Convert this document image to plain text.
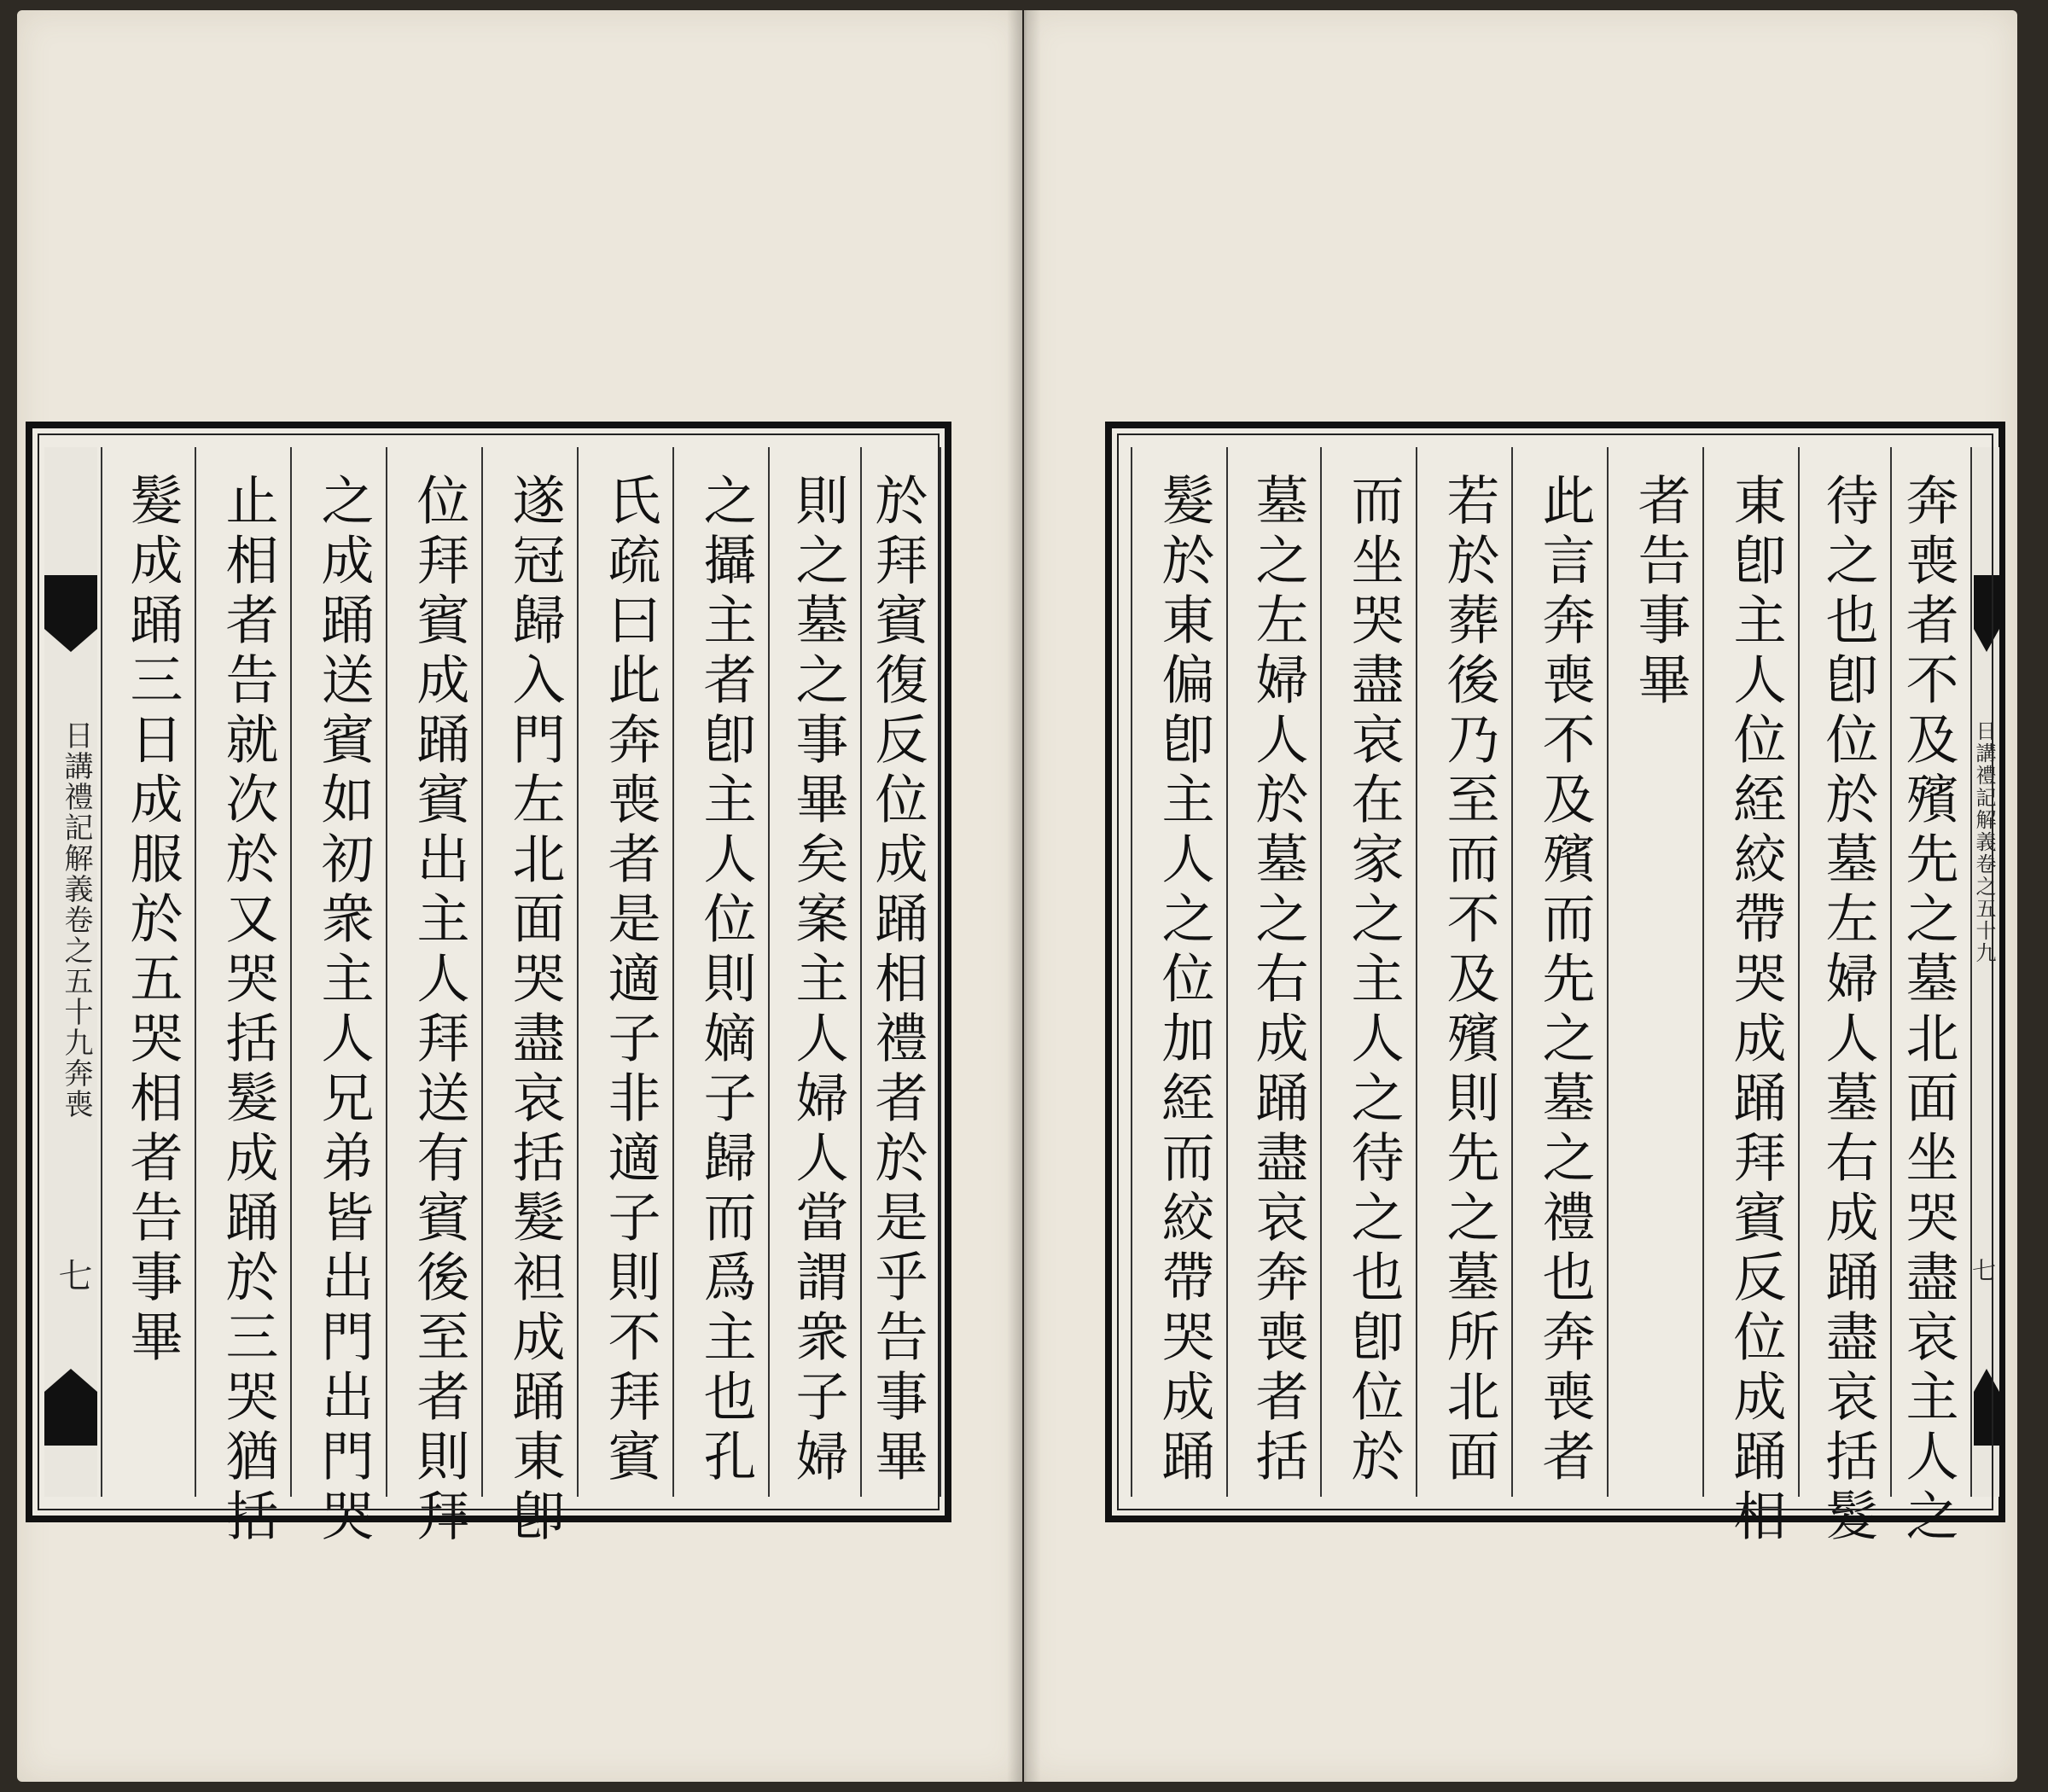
日講禮記解義卷之五十九奔喪
七 髮成踊三日成服於五哭相者告事畢 止相者告就次於又哭括髮成踊於三哭猶括 之成踊送賓如初衆主人兄弟皆出門出門哭 位拜賓成踊賓出主人拜送有賓後至者則拜 遂冠歸入門左北面哭盡哀括髮袒成踊東卽 氏疏曰此奔喪者是適子非適子則不拜賓 之攝主者卽主人位則嫡子歸而爲主也孔 則之墓之事畢矣案主人婦人當謂衆子婦 於拜賓復反位成踊相禮者於是乎告事畢	髮於東偏卽主人之位加絰而絞帶哭成踊 墓之左婦人於墓之右成踊盡哀奔喪者括 而坐哭盡哀在家之主人之待之也卽位於 若於葬後乃至而不及殯則先之墓所北面 此言奔喪不及殯而先之墓之禮也奔喪者 者告事畢 東卽主人位絰絞帶哭成踊拜賓反位成踊相 待之也卽位於墓左婦人墓右成踊盡哀括髮 奔喪者不及殯先之墓北面坐哭盡哀主人之 日講禮記解義卷之五十九
七
